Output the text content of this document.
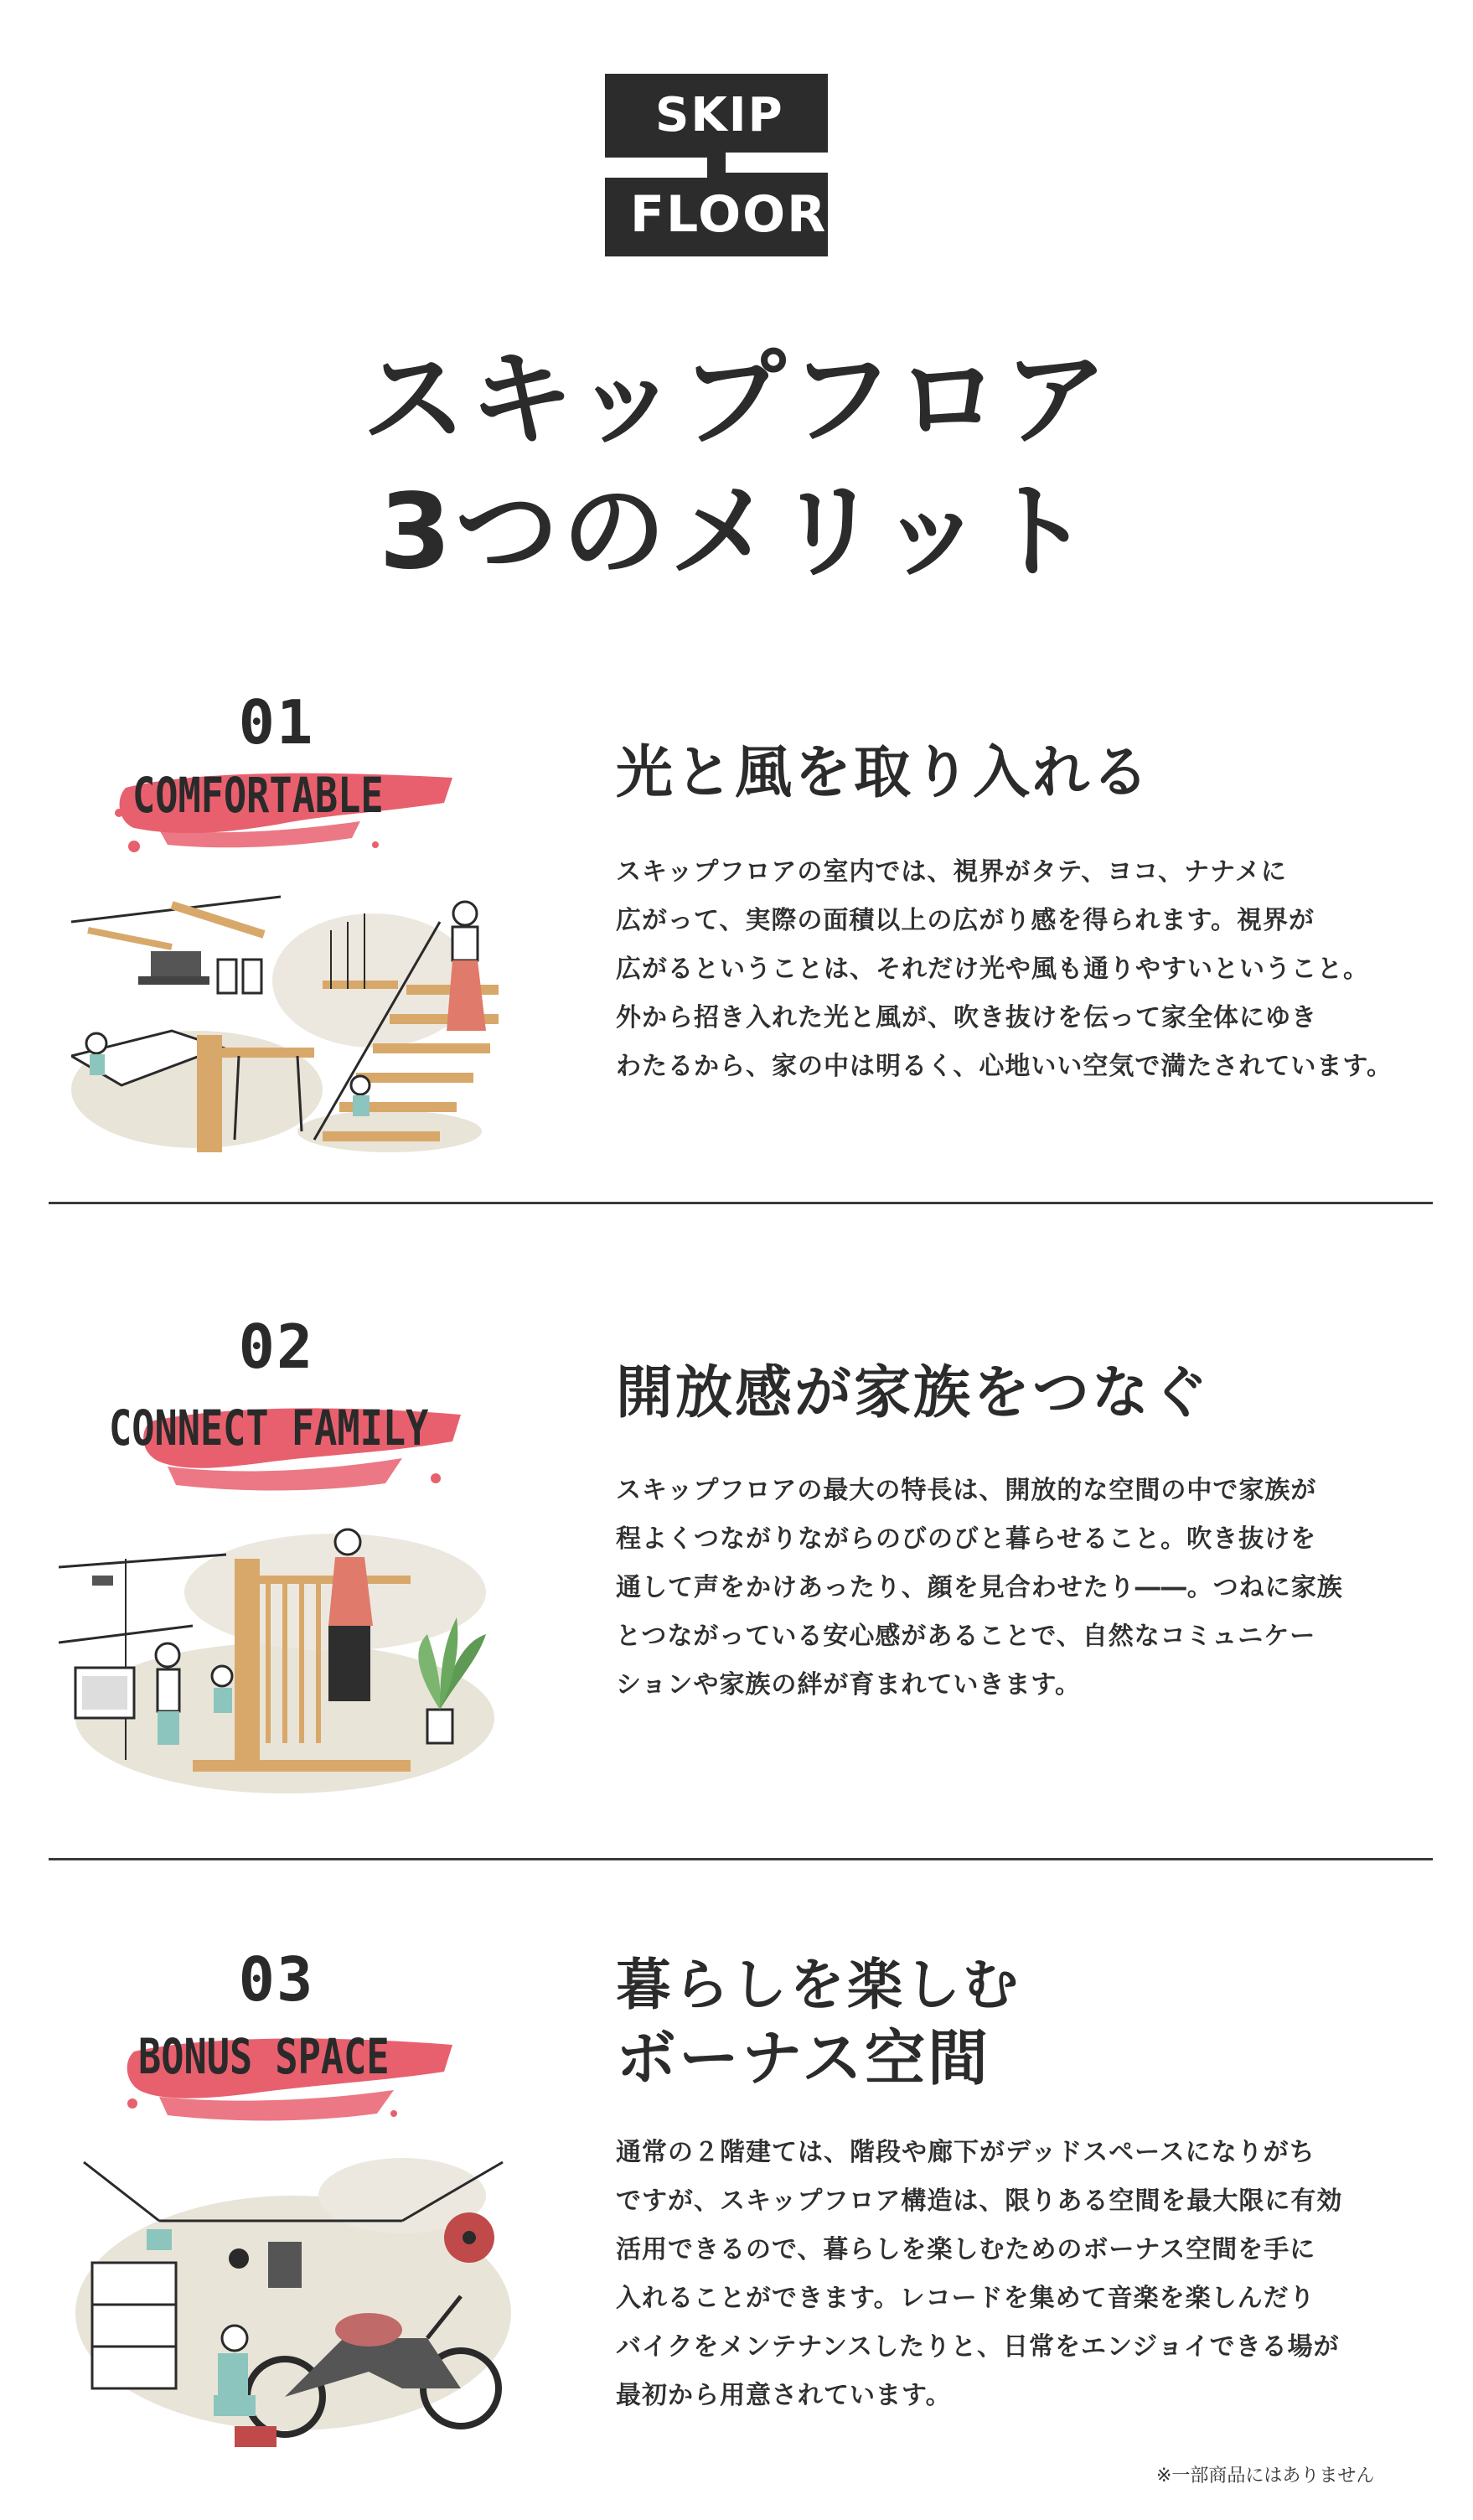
SKIP
FLOOR
スキップフロア
3つのメリット
01
COMFORTABLE	光と風を取り入れる
スキップフロアの室内では、視界がタテ、ヨコ、ナナメに
広がって、実際の面積以上の広がり感を得られます。視界が
広がるということは、それだけ光や風も通りやすいということ。
外から招き入れた光と風が、吹き抜けを伝って家全体にゆき
わたるから、家の中は明るく、心地いい空気で満たされています。
02
CONNECT FAMILY
開放感が家族をつなぐ
スキップフロアの最大の特長は、開放的な空間の中で家族が
程よくつながりながらのびのびと暮らせること。吹き抜けを
通して声をかけあったり、顔を見合わせたり――。つねに家族
とつながっている安心感があることで、自然なコミュニケー
ションや家族の絆が育まれていきます。
03
BONUS SPACE
暮らしを楽しむ
ボーナス空間
通常の２階建ては、階段や廊下がデッドスペースになりがち
ですが、スキップフロア構造は、限りある空間を最大限に有効
活用できるので、暮らしを楽しむためのボーナス空間を手に
入れることができます。レコードを集めて音楽を楽しんだり
バイクをメンテナンスしたりと、日常をエンジョイできる場が
最初から用意されています。
※一部商品にはありません
